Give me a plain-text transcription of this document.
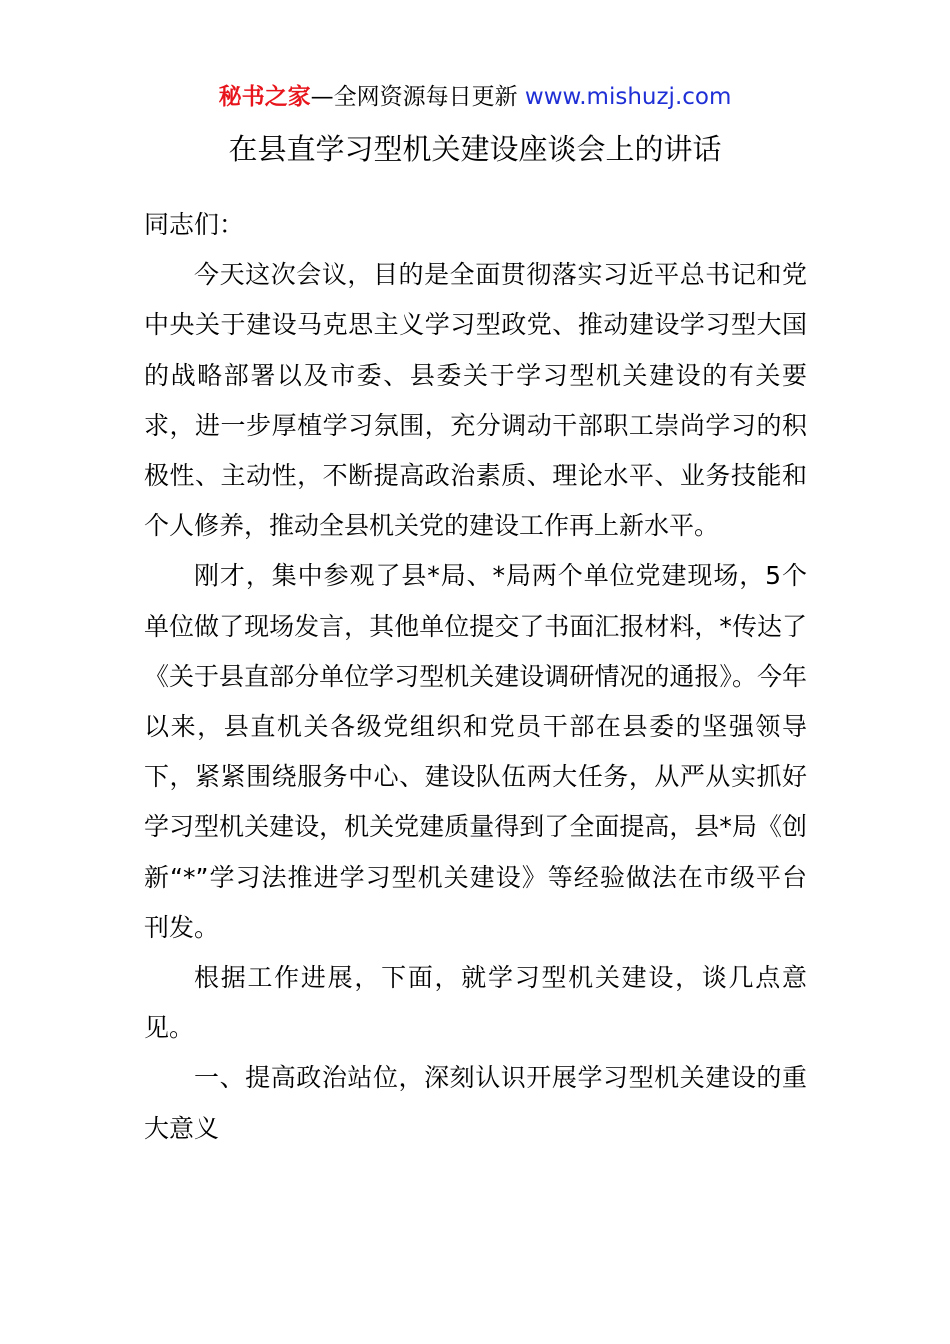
秘书之家—全网资源每日更新 www.mishuzj.com
在县直学习型机关建设座谈会上的讲话

同志们：

今天这次会议，目的是全面贯彻落实习近平总书记和党中央关于建设马克思主义学习型政党、推动建设学习型大国的战略部署以及市委、县委关于学习型机关建设的有关要求，进一步厚植学习氛围，充分调动干部职工崇尚学习的积极性、主动性，不断提高政治素质、理论水平、业务技能和个人修养，推动全县机关党的建设工作再上新水平。

刚才，集中参观了县*局、*局两个单位党建现场，5个单位做了现场发言，其他单位提交了书面汇报材料，*传达了《关于县直部分单位学习型机关建设调研情况的通报》。今年以来，县直机关各级党组织和党员干部在县委的坚强领导下，紧紧围绕服务中心、建设队伍两大任务，从严从实抓好学习型机关建设，机关党建质量得到了全面提高，县*局《创新“*”学习法推进学习型机关建设》等经验做法在市级平台刊发。

根据工作进展，下面，就学习型机关建设，谈几点意见。

一、提高政治站位，深刻认识开展学习型机关建设的重大意义
